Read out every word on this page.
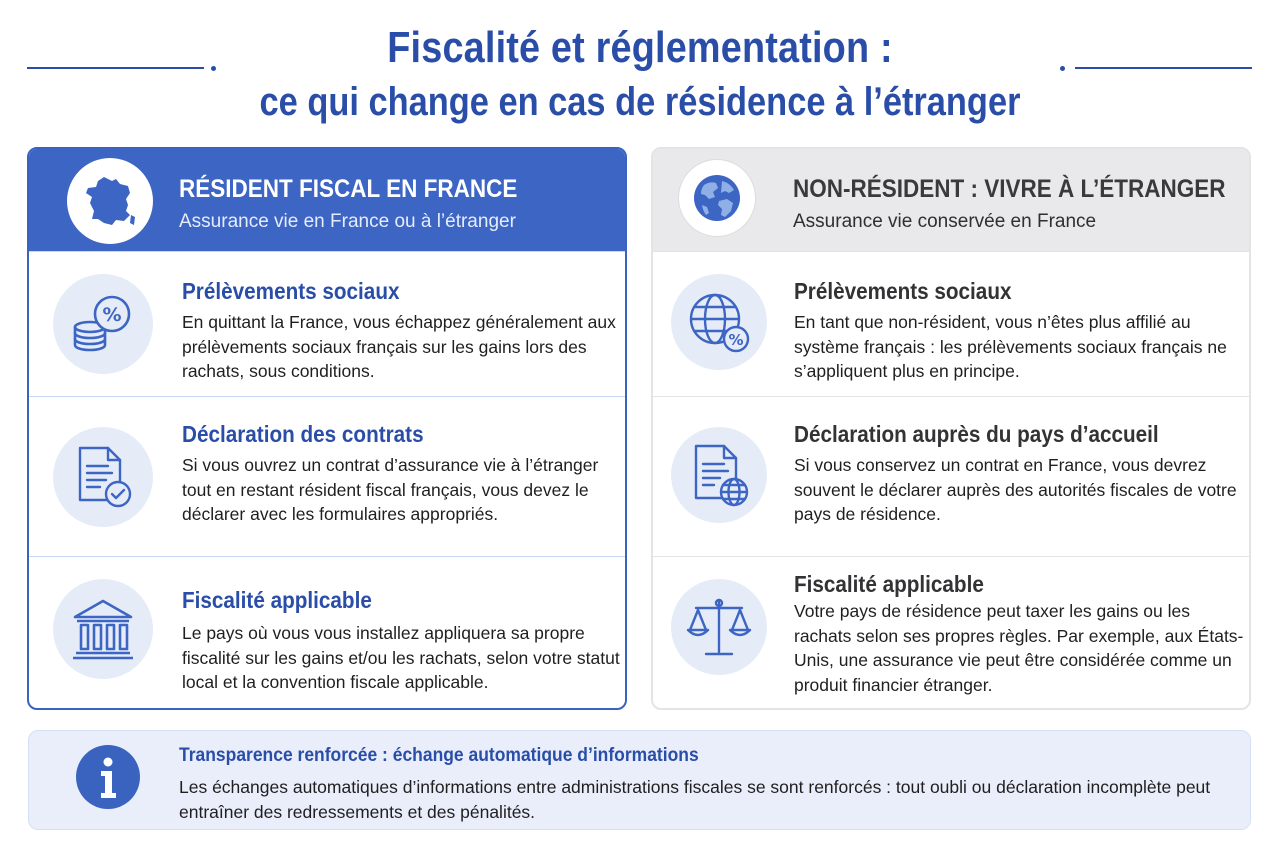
Fiscalité et réglementation :
ce qui change en cas de résidence à l’étranger
RÉSIDENT FISCAL EN FRANCE
Assurance vie en France ou à l’étranger
%
Prélèvements sociaux
En quittant la France, vous échappez généralement aux prélèvements sociaux français sur les gains lors des rachats, sous conditions.
Déclaration des contrats
Si vous ouvrez un contrat d’assurance vie à l’étranger tout en restant résident fiscal français, vous devez le déclarer avec les formulaires appropriés.
Fiscalité applicable
Le pays où vous vous installez appliquera sa propre fiscalité sur les gains et/ou les rachats, selon votre statut local et la convention fiscale applicable.
NON-RÉSIDENT : VIVRE À L’ÉTRANGER
Assurance vie conservée en France
%
Prélèvements sociaux
En tant que non-résident, vous n’êtes plus affilié au système français : les prélèvements sociaux français ne s’appliquent plus en principe.
Déclaration auprès du pays d’accueil
Si vous conservez un contrat en France, vous devrez souvent le déclarer auprès des autorités fiscales de votre pays de résidence.
Fiscalité applicable
Votre pays de résidence peut taxer les gains ou les rachats selon ses propres règles. Par exemple, aux États-Unis, une assurance vie peut être considérée comme un produit financier étranger.
Transparence renforcée : échange automatique d’informations
Les échanges automatiques d’informations entre administrations fiscales se sont renforcés : tout oubli ou déclaration incomplète peut entraîner des redressements et des pénalités.
